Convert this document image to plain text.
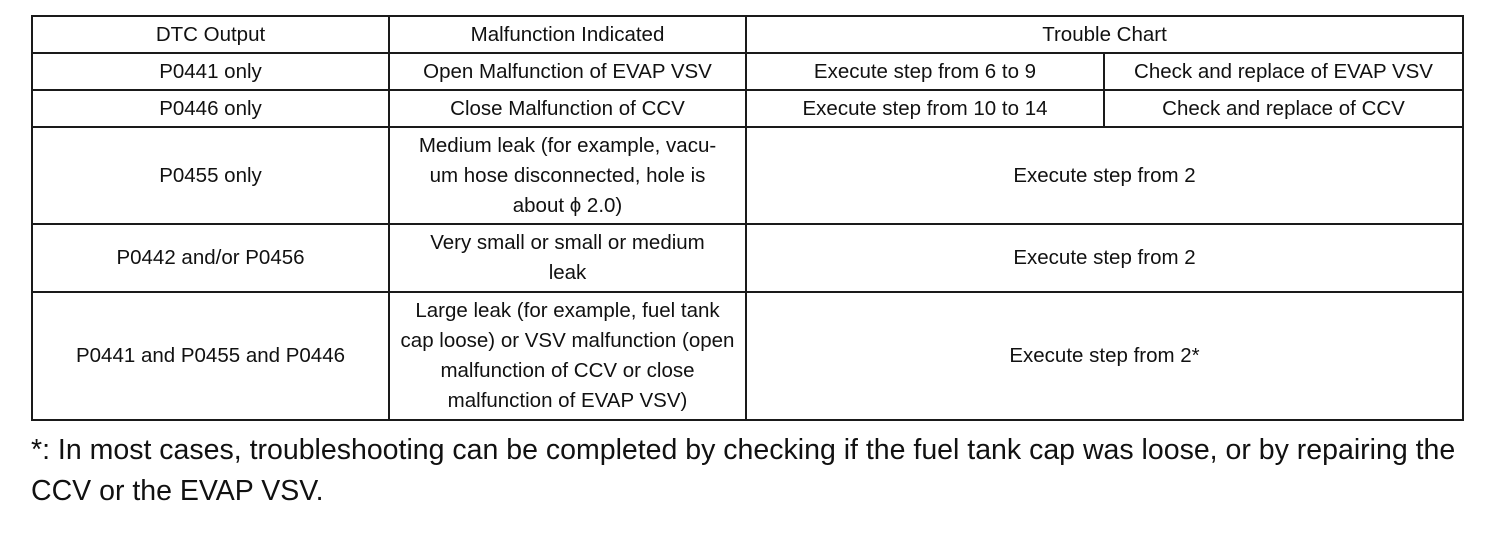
DTC Output	Malfunction Indicated	Trouble Chart	
P0441 only	Open Malfunction of EVAP VSV	Execute step from 6 to 9	Check and replace of EVAP VSV
P0446 only	Close Malfunction of CCV	Execute step from 10 to 14	Check and replace of CCV
P0455 only	Medium leak (for example, vacu-um hose disconnected, hole is about ϕ 2.0)	Execute step from 2	
P0442 and/or P0456	Very small or small or medium leak	Execute step from 2	
P0441 and P0455 and P0446	Large leak (for example, fuel tank cap loose) or VSV malfunction (open malfunction of CCV or close malfunction of EVAP VSV)	Execute step from 2*	
*: In most cases, troubleshooting can be completed by checking if the fuel tank cap was loose, or by repairing the CCV or the EVAP VSV.
